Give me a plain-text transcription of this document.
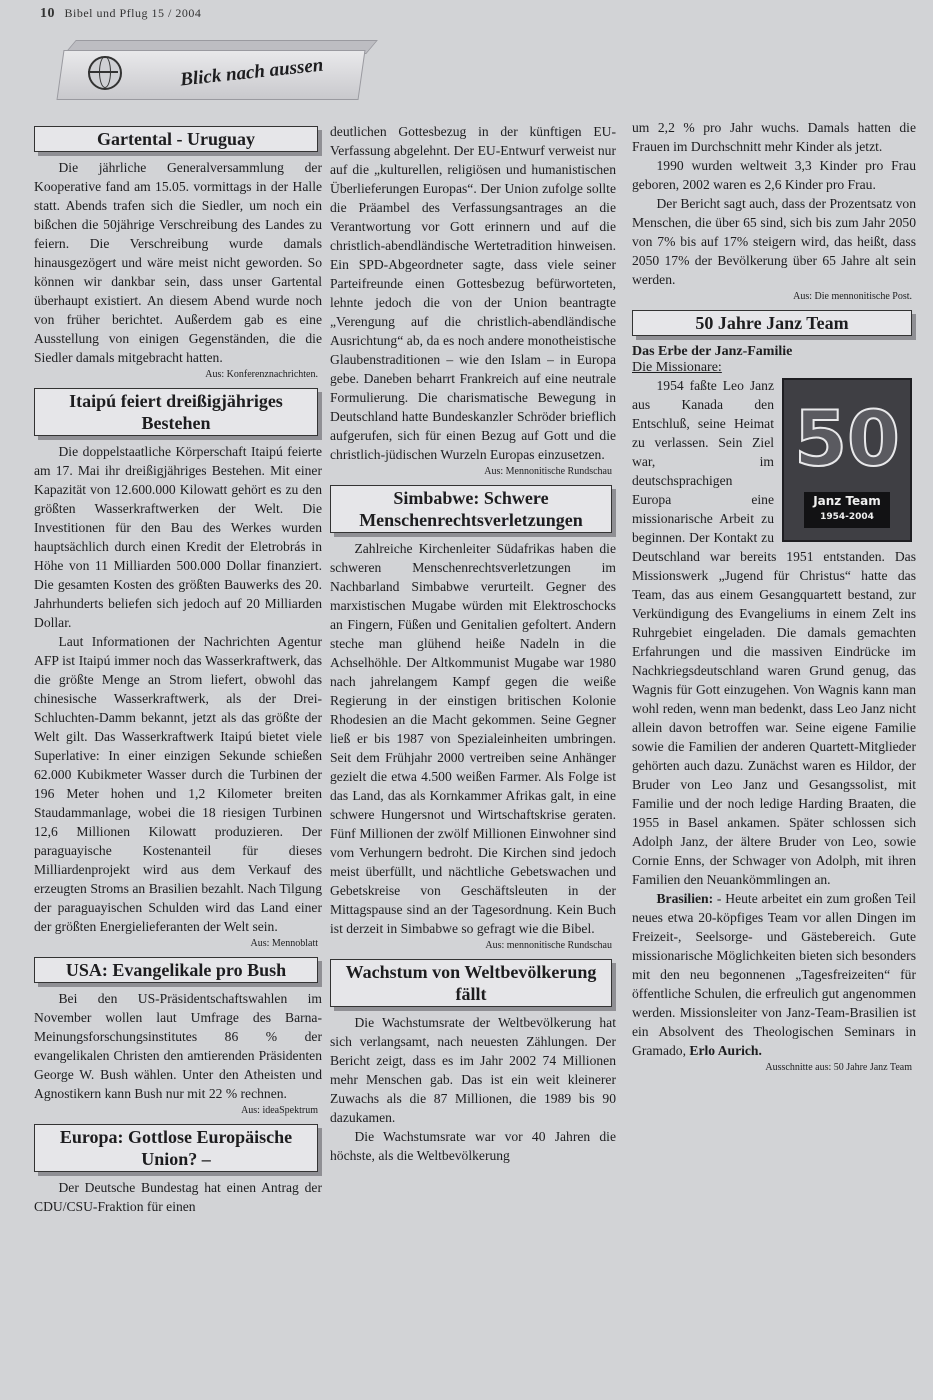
10 Bibel und Pflug 15 / 2004
Blick nach aussen
Gartental - Uruguay

Die jährliche Generalversammlung der Kooperative fand am 15.05. vormittags in der Halle statt. Abends trafen sich die Siedler, um noch ein bißchen die 50jährige Verschreibung des Landes zu feiern. Die Verschreibung wurde damals hinausgezögert und wäre meist nicht geworden. So können wir dankbar sein, dass unser Gartental überhaupt existiert. An diesem Abend wurde noch von früher berichtet. Außerdem gab es eine Ausstellung von einigen Gegenständen, die die Siedler damals mitgebracht hatten.

Aus: Konferenznachrichten.
Itaipú feiert dreißigjähriges Bestehen

Die doppelstaatliche Körperschaft Itaipú feierte am 17. Mai ihr dreißigjähriges Bestehen. Mit einer Kapazität von 12.600.000 Kilowatt gehört es zu den größten Wasserkraftwerken der Welt. Die Investitionen für den Bau des Werkes wurden hauptsächlich durch einen Kredit der Eletrobrás in Höhe von 11 Milliarden 500.000 Dollar finanziert. Die gesamten Kosten des größten Bauwerks des 20. Jahrhunderts beliefen sich jedoch auf 20 Milliarden Dollar.

Laut Informationen der Nachrichten Agentur AFP ist Itaipú immer noch das Wasserkraftwerk, das die größte Menge an Strom liefert, obwohl das chinesische Wasserkraftwerk, als der Drei-Schluchten-Damm bekannt, jetzt als das größte der Welt gilt. Das Wasserkraftwerk Itaipú bietet viele Superlative: In einer einzigen Sekunde schießen 62.000 Kubikmeter Wasser durch die Turbinen der 196 Meter hohen und 1,2 Kilometer breiten Staudammanlage, wobei die 18 riesigen Turbinen 12,6 Millionen Kilowatt produzieren. Der paraguayische Kostenanteil für dieses Milliardenprojekt wird aus dem Verkauf des erzeugten Stroms an Brasilien bezahlt. Nach Tilgung der paraguayischen Schulden wird das Land einer der größten Energielieferanten der Welt sein.

Aus: Mennoblatt
USA: Evangelikale pro Bush

Bei den US-Präsidentschaftswahlen im November wollen laut Umfrage des Barna-Meinungsforschungsinstitutes 86 % der evangelikalen Christen den amtierenden Präsidenten George W. Bush wählen. Unter den Atheisten und Agnostikern kann Bush nur mit 22 % rechnen.

Aus: ideaSpektrum
Europa: Gottlose Europäische Union? –

Der Deutsche Bundestag hat einen Antrag der CDU/CSU-Fraktion für einen

deutlichen Gottesbezug in der künftigen EU-Verfassung abgelehnt. Der EU-Entwurf verweist nur auf die „kulturellen, religiösen und humanistischen Überlieferungen Europas“. Der Union zufolge sollte die Präambel des Verfassungsantrages an die Verantwortung vor Gott erinnern und auf die christlich-abendländische Wertetradition hinweisen. Ein SPD-Abgeordneter sagte, dass viele seiner Parteifreunde einen Gottesbezug befürworteten, lehnte jedoch die von der Union beantragte „Verengung auf die christlich-abendländische Ausrichtung“ ab, da es noch andere monotheistische Glaubenstraditionen – wie den Islam – in Europa gebe. Daneben beharrt Frankreich auf eine neutrale Formulierung. Die charismatische Bewegung in Deutschland hatte Bundeskanzler Schröder brieflich aufgerufen, sich für einen Bezug auf Gott und die christlich-jüdischen Wurzeln Europas einzusetzen.

Aus: Mennonitische Rundschau
Simbabwe: Schwere Menschenrechtsverletzungen

Zahlreiche Kirchenleiter Südafrikas haben die schweren Menschenrechtsverletzungen im Nachbarland Simbabwe verurteilt. Gegner des marxistischen Mugabe würden mit Elektroschocks an Fingern, Füßen und Genitalien gefoltert. Andern steche man glühend heiße Nadeln in die Achselhöhle. Der Altkommunist Mugabe war 1980 nach jahrelangem Kampf gegen die weiße Regierung in der einstigen britischen Kolonie Rhodesien an die Macht gekommen. Seine Gegner ließ er bis 1987 von Spezialeinheiten umbringen. Seit dem Frühjahr 2000 vertreiben seine Anhänger gezielt die etwa 4.500 weißen Farmer. Als Folge ist das Land, das als Kornkammer Afrikas galt, in eine schwere Hungersnot und Wirtschaftskrise geraten. Fünf Millionen der zwölf Millionen Einwohner sind vom Verhungern bedroht. Die Kirchen sind jedoch meist überfüllt, und nächtliche Gebetswachen und Gebetskreise von Geschäftsleuten in der Mittagspause sind an der Tagesordnung. Kein Buch ist derzeit in Simbabwe so gefragt wie die Bibel.

Aus: mennonitische Rundschau
Wachstum von Weltbevölkerung fällt

Die Wachstumsrate der Weltbevölkerung hat sich verlangsamt, nach neuesten Zählungen. Der Bericht zeigt, dass es im Jahr 2002 74 Millionen mehr Menschen gab. Das ist ein weit kleinerer Zuwachs als die 87 Millionen, die 1989 bis 90 dazukamen.

Die Wachstumsrate war vor 40 Jahren die höchste, als die Weltbevölkerung

um 2,2 % pro Jahr wuchs. Damals hatten die Frauen im Durchschnitt mehr Kinder als jetzt.

1990 wurden weltweit 3,3 Kinder pro Frau geboren, 2002 waren es 2,6 Kinder pro Frau.

Der Bericht sagt auch, dass der Prozentsatz von Menschen, die über 65 sind, sich bis zum Jahr 2050 von 7% bis auf 17% steigern wird, das heißt, dass 2050 17% der Bevölkerung über 65 Jahre alt sein werden.

Aus: Die mennonitische Post.
50 Jahre Janz Team
Das Erbe der Janz-Familie
Die Missionare:
50
Janz Team
1954-2004

1954 faßte Leo Janz aus Kanada den Entschluß, seine Heimat zu verlassen. Sein Ziel war, im deutschsprachigen Europa eine missionarische Arbeit zu beginnen. Der Kontakt zu Deutschland war bereits 1951 entstanden. Das Missionswerk „Jugend für Christus“ hatte das Team, das aus einem Gesangquartett bestand, zur Verkündigung des Evangeliums in einem Zelt ins Ruhrgebiet eingeladen. Die damals gemachten Erfahrungen und die massiven Eindrücke im Nachkriegsdeutschland waren Grund genug, das Wagnis für Gott einzugehen. Von Wagnis kann man wohl reden, wenn man bedenkt, dass Leo Janz nicht allein davon betroffen war. Seine eigene Familie sowie die Familien der anderen Quartett-Mitglieder gehörten auch dazu. Zunächst waren es Hildor, der Bruder von Leo Janz und Gesangssolist, mit Familie und der noch ledige Harding Braaten, die 1955 in Basel ankamen. Später schlossen sich Adolph Janz, der ältere Bruder von Leo, sowie Cornie Enns, der Schwager von Adolph, mit ihren Familien den Neuankömmlingen an.

Brasilien: - Heute arbeitet ein zum großen Teil neues etwa 20-köpfiges Team vor allen Dingen im Freizeit-, Seelsorge- und Gästebereich. Gute missionarische Möglichkeiten bieten sich besonders mit den neu begonnenen „Tagesfreizeiten“ für öffentliche Schulen, die erfreulich gut angenommen werden. Missionsleiter von Janz-Team-Brasilien ist ein Absolvent des Theologischen Seminars in Gramado, Erlo Aurich.

Ausschnitte aus: 50 Jahre Janz Team
